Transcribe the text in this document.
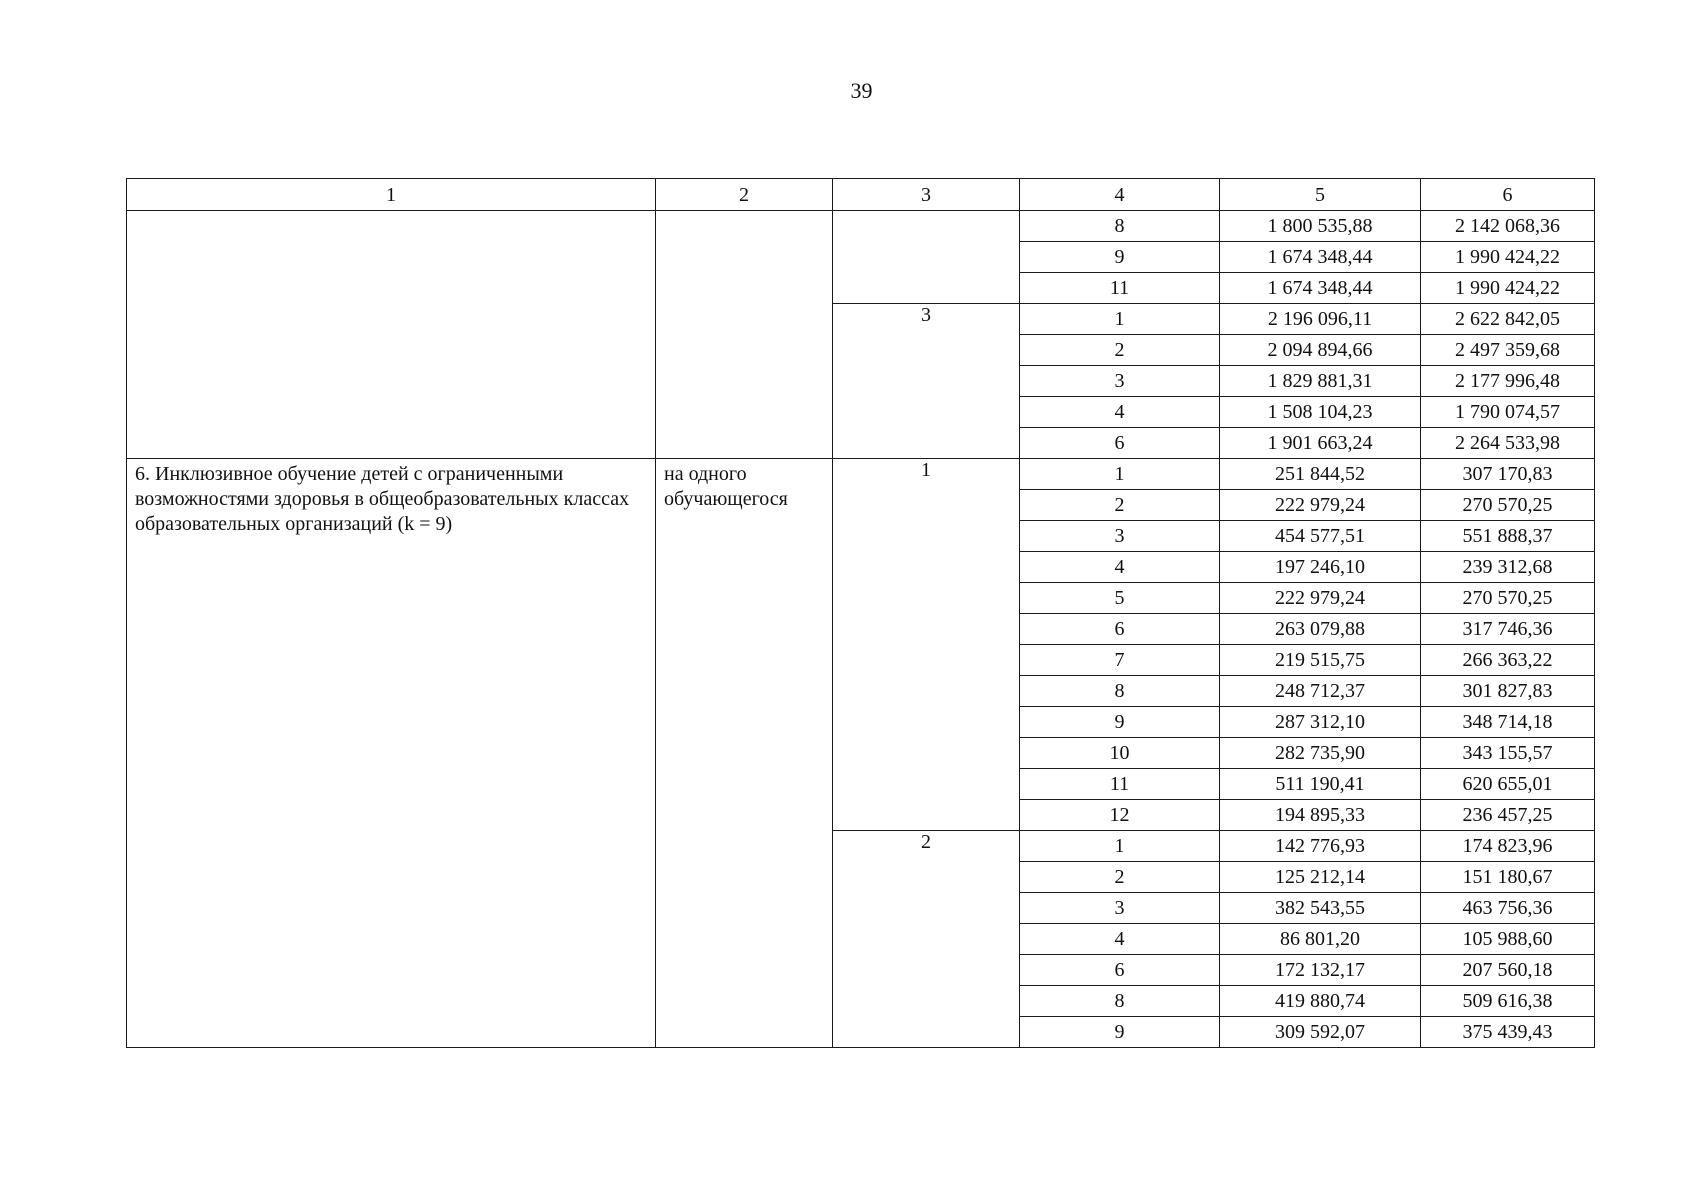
39
1	2	3	4	5	6
			8	1 800 535,88	2 142 068,36
			9	1 674 348,44	1 990 424,22
			11	1 674 348,44	1 990 424,22
		3	1	2 196 096,11	2 622 842,05
			2	2 094 894,66	2 497 359,68
			3	1 829 881,31	2 177 996,48
			4	1 508 104,23	1 790 074,57
			6	1 901 663,24	2 264 533,98
6. Инклюзивное обучение детей с ограниченными возможностями здоровья в общеобразовательных классах образовательных организаций (k = 9)	на одного обучающегося	1	1	251 844,52	307 170,83
			2	222 979,24	270 570,25
			3	454 577,51	551 888,37
			4	197 246,10	239 312,68
			5	222 979,24	270 570,25
			6	263 079,88	317 746,36
			7	219 515,75	266 363,22
			8	248 712,37	301 827,83
			9	287 312,10	348 714,18
			10	282 735,90	343 155,57
			11	511 190,41	620 655,01
			12	194 895,33	236 457,25
		2	1	142 776,93	174 823,96
			2	125 212,14	151 180,67
			3	382 543,55	463 756,36
			4	86 801,20	105 988,60
			6	172 132,17	207 560,18
			8	419 880,74	509 616,38
			9	309 592,07	375 439,43
